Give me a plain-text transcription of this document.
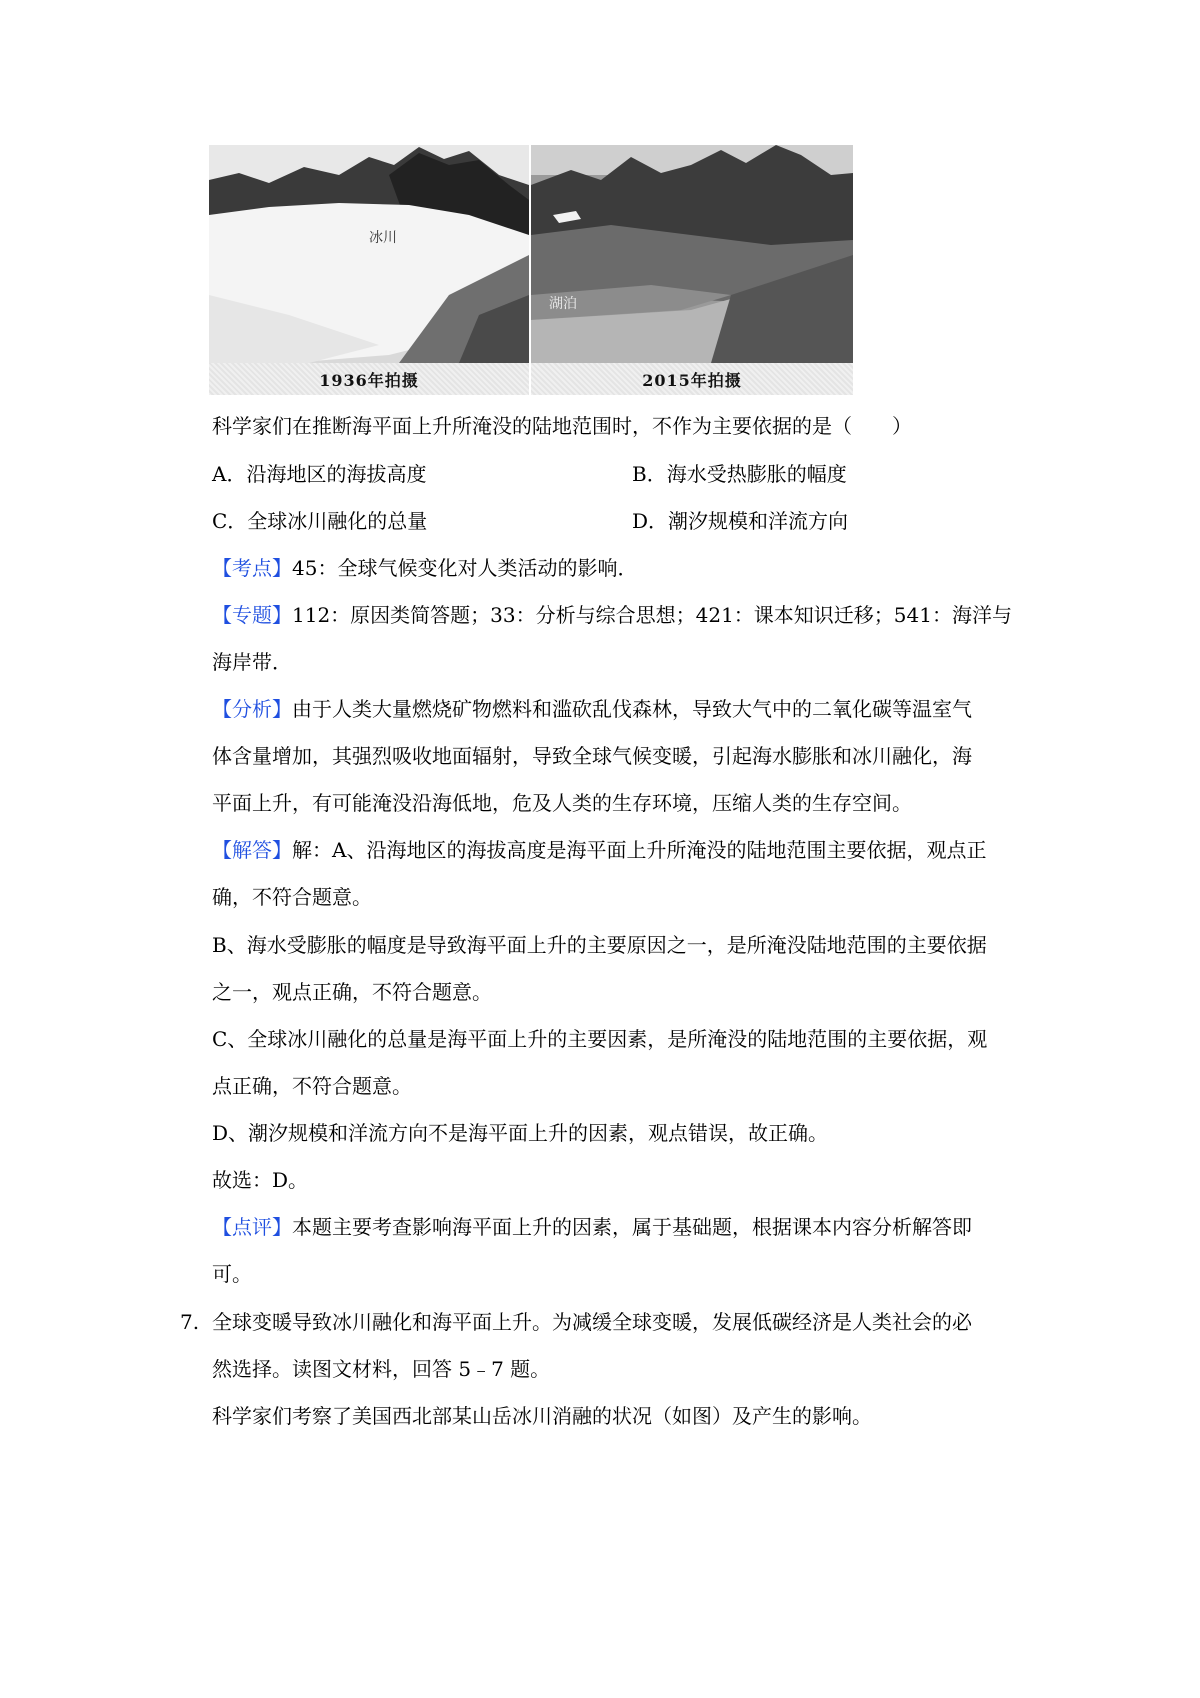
冰川
湖泊
1936年拍摄	2015年拍摄
科学家们在推断海平面上升所淹没的陆地范围时，不作为主要依据的是（　　）
A．沿海地区的海拔高度	B．海水受热膨胀的幅度
C．全球冰川融化的总量	D．潮汐规模和洋流方向
【考点】45：全球气候变化对人类活动的影响．
【专题】112：原因类简答题；33：分析与综合思想；421：课本知识迁移；541：海洋与
海岸带．
【分析】由于人类大量燃烧矿物燃料和滥砍乱伐森林，导致大气中的二氧化碳等温室气
体含量增加，其强烈吸收地面辐射，导致全球气候变暖，引起海水膨胀和冰川融化，海
平面上升，有可能淹没沿海低地，危及人类的生存环境，压缩人类的生存空间。
【解答】解：A、沿海地区的海拔高度是海平面上升所淹没的陆地范围主要依据，观点正
确，不符合题意。
B、海水受膨胀的幅度是导致海平面上升的主要原因之一，是所淹没陆地范围的主要依据
之一，观点正确，不符合题意。
C、全球冰川融化的总量是海平面上升的主要因素，是所淹没的陆地范围的主要依据，观
点正确，不符合题意。
D、潮汐规模和洋流方向不是海平面上升的因素，观点错误，故正确。
故选：D。
【点评】本题主要考查影响海平面上升的因素，属于基础题，根据课本内容分析解答即
可。
7. 全球变暖导致冰川融化和海平面上升。为减缓全球变暖，发展低碳经济是人类社会的必
然选择。读图文材料，回答 5﹣7 题。
科学家们考察了美国西北部某山岳冰川消融的状况（如图）及产生的影响。
